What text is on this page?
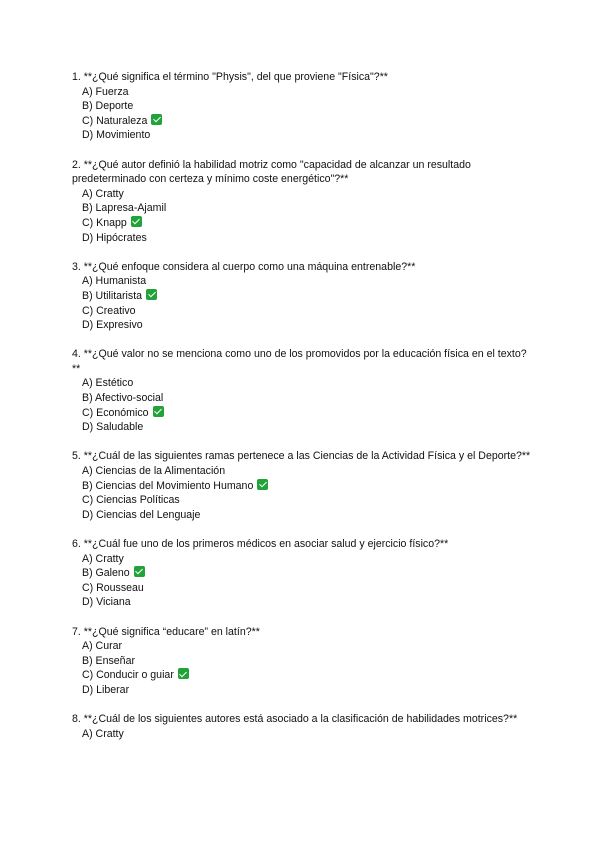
1. **¿Qué significa el término "Physis", del que proviene "Física"?**

A) Fuerza
B) Deporte
C) Naturaleza
D) Movimiento

2. **¿Qué autor definió la habilidad motriz como "capacidad de alcanzar un resultado predeterminado con certeza y mínimo coste energético"?**

A) Cratty
B) Lapresa-Ajamil
C) Knapp
D) Hipócrates

3. **¿Qué enfoque considera al cuerpo como una máquina entrenable?**

A) Humanista
B) Utilitarista
C) Creativo
D) Expresivo

4. **¿Qué valor no se menciona como uno de los promovidos por la educación física en el texto?**

A) Estético
B) Afectivo-social
C) Económico
D) Saludable

5. **¿Cuál de las siguientes ramas pertenece a las Ciencias de la Actividad Física y el Deporte?**

A) Ciencias de la Alimentación
B) Ciencias del Movimiento Humano
C) Ciencias Políticas
D) Ciencias del Lenguaje

6. **¿Cuál fue uno de los primeros médicos en asociar salud y ejercicio físico?**

A) Cratty
B) Galeno
C) Rousseau
D) Viciana

7. **¿Qué significa “educare” en latín?**

A) Curar
B) Enseñar
C) Conducir o guiar
D) Liberar

8. **¿Cuál de los siguientes autores está asociado a la clasificación de habilidades motrices?**

A) Cratty
